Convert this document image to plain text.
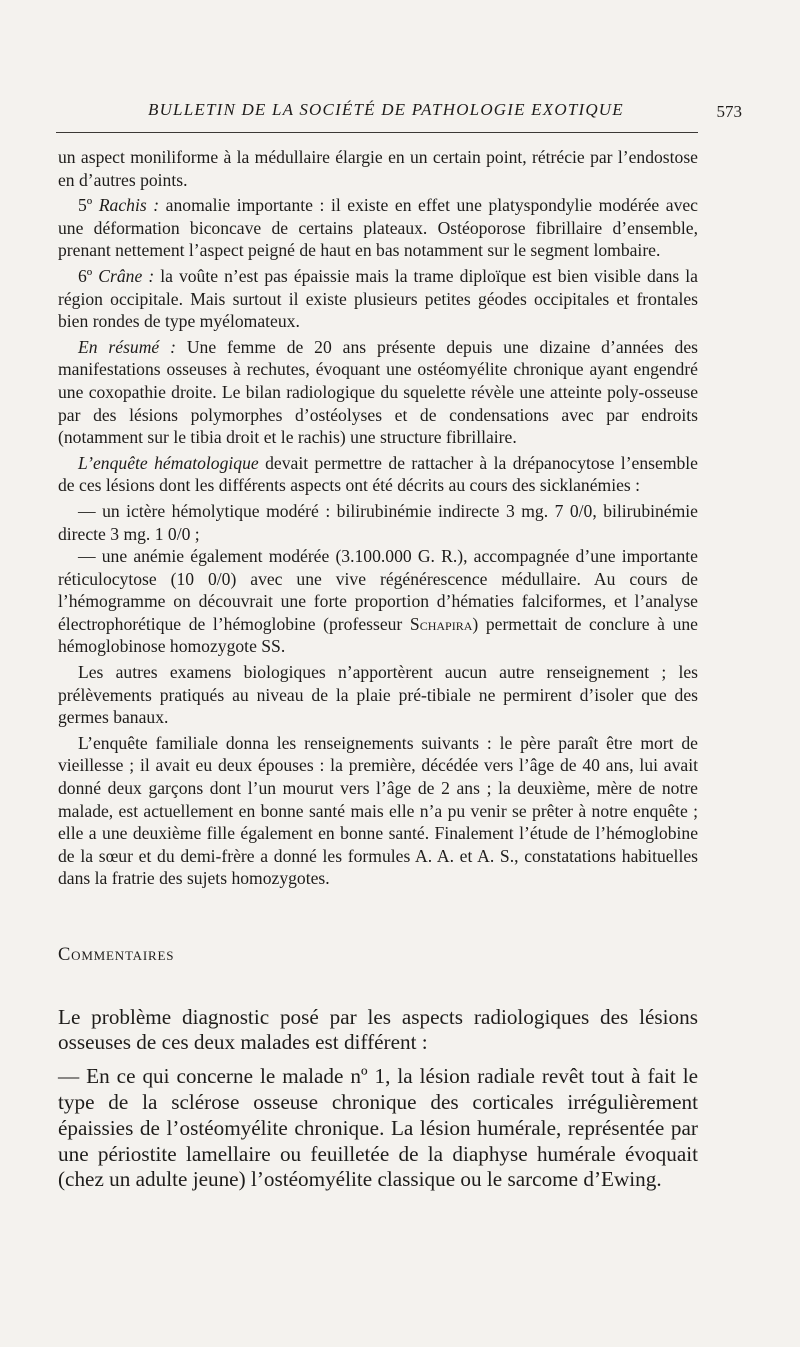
BULLETIN DE LA SOCIÉTÉ DE PATHOLOGIE EXOTIQUE	573

un aspect moniliforme à la médullaire élargie en un certain point, rétrécie par l’endostose en d’autres points.

5º Rachis : anomalie importante : il existe en effet une platyspondylie modérée avec une déformation biconcave de certains plateaux. Ostéoporose fibrillaire d’ensemble, prenant nettement l’aspect peigné de haut en bas notamment sur le segment lombaire.

6º Crâne : la voûte n’est pas épaissie mais la trame diploïque est bien visible dans la région occipitale. Mais surtout il existe plusieurs petites géodes occipitales et frontales bien rondes de type myélomateux.

En résumé : Une femme de 20 ans présente depuis une dizaine d’années des manifestations osseuses à rechutes, évoquant une ostéomyélite chronique ayant engendré une coxopathie droite. Le bilan radiologique du squelette révèle une atteinte poly-osseuse par des lésions polymorphes d’ostéolyses et de condensations avec par endroits (notamment sur le tibia droit et le rachis) une structure fibrillaire.

L’enquête hématologique devait permettre de rattacher à la drépanocytose l’ensemble de ces lésions dont les différents aspects ont été décrits au cours des sicklanémies :

— un ictère hémolytique modéré : bilirubinémie indirecte 3 mg. 7 0/0, bilirubinémie directe 3 mg. 1 0/0 ;

— une anémie également modérée (3.100.000 G. R.), accompagnée d’une importante réticulocytose (10 0/0) avec une vive régénérescence médullaire. Au cours de l’hémogramme on découvrait une forte proportion d’hématies falciformes, et l’analyse électrophorétique de l’hémoglobine (professeur Schapira) permettait de conclure à une hémoglobinose homozygote SS.

Les autres examens biologiques n’apportèrent aucun autre renseignement ; les prélèvements pratiqués au niveau de la plaie pré-tibiale ne permirent d’isoler que des germes banaux.

L’enquête familiale donna les renseignements suivants : le père paraît être mort de vieillesse ; il avait eu deux épouses : la première, décédée vers l’âge de 40 ans, lui avait donné deux garçons dont l’un mourut vers l’âge de 2 ans ; la deuxième, mère de notre malade, est actuellement en bonne santé mais elle n’a pu venir se prêter à notre enquête ; elle a une deuxième fille également en bonne santé. Finalement l’étude de l’hémoglobine de la sœur et du demi-frère a donné les formules A. A. et A. S., constatations habituelles dans la fratrie des sujets homozygotes.

Commentaires

Le problème diagnostic posé par les aspects radiologiques des lésions osseuses de ces deux malades est différent :

— En ce qui concerne le malade nº 1, la lésion radiale revêt tout à fait le type de la sclérose osseuse chronique des corticales irrégulièrement épaissies de l’ostéomyélite chronique. La lésion humérale, représentée par une périostite lamellaire ou feuilletée de la diaphyse humérale évoquait (chez un adulte jeune) l’ostéomyélite classique ou le sarcome d’Ewing.
